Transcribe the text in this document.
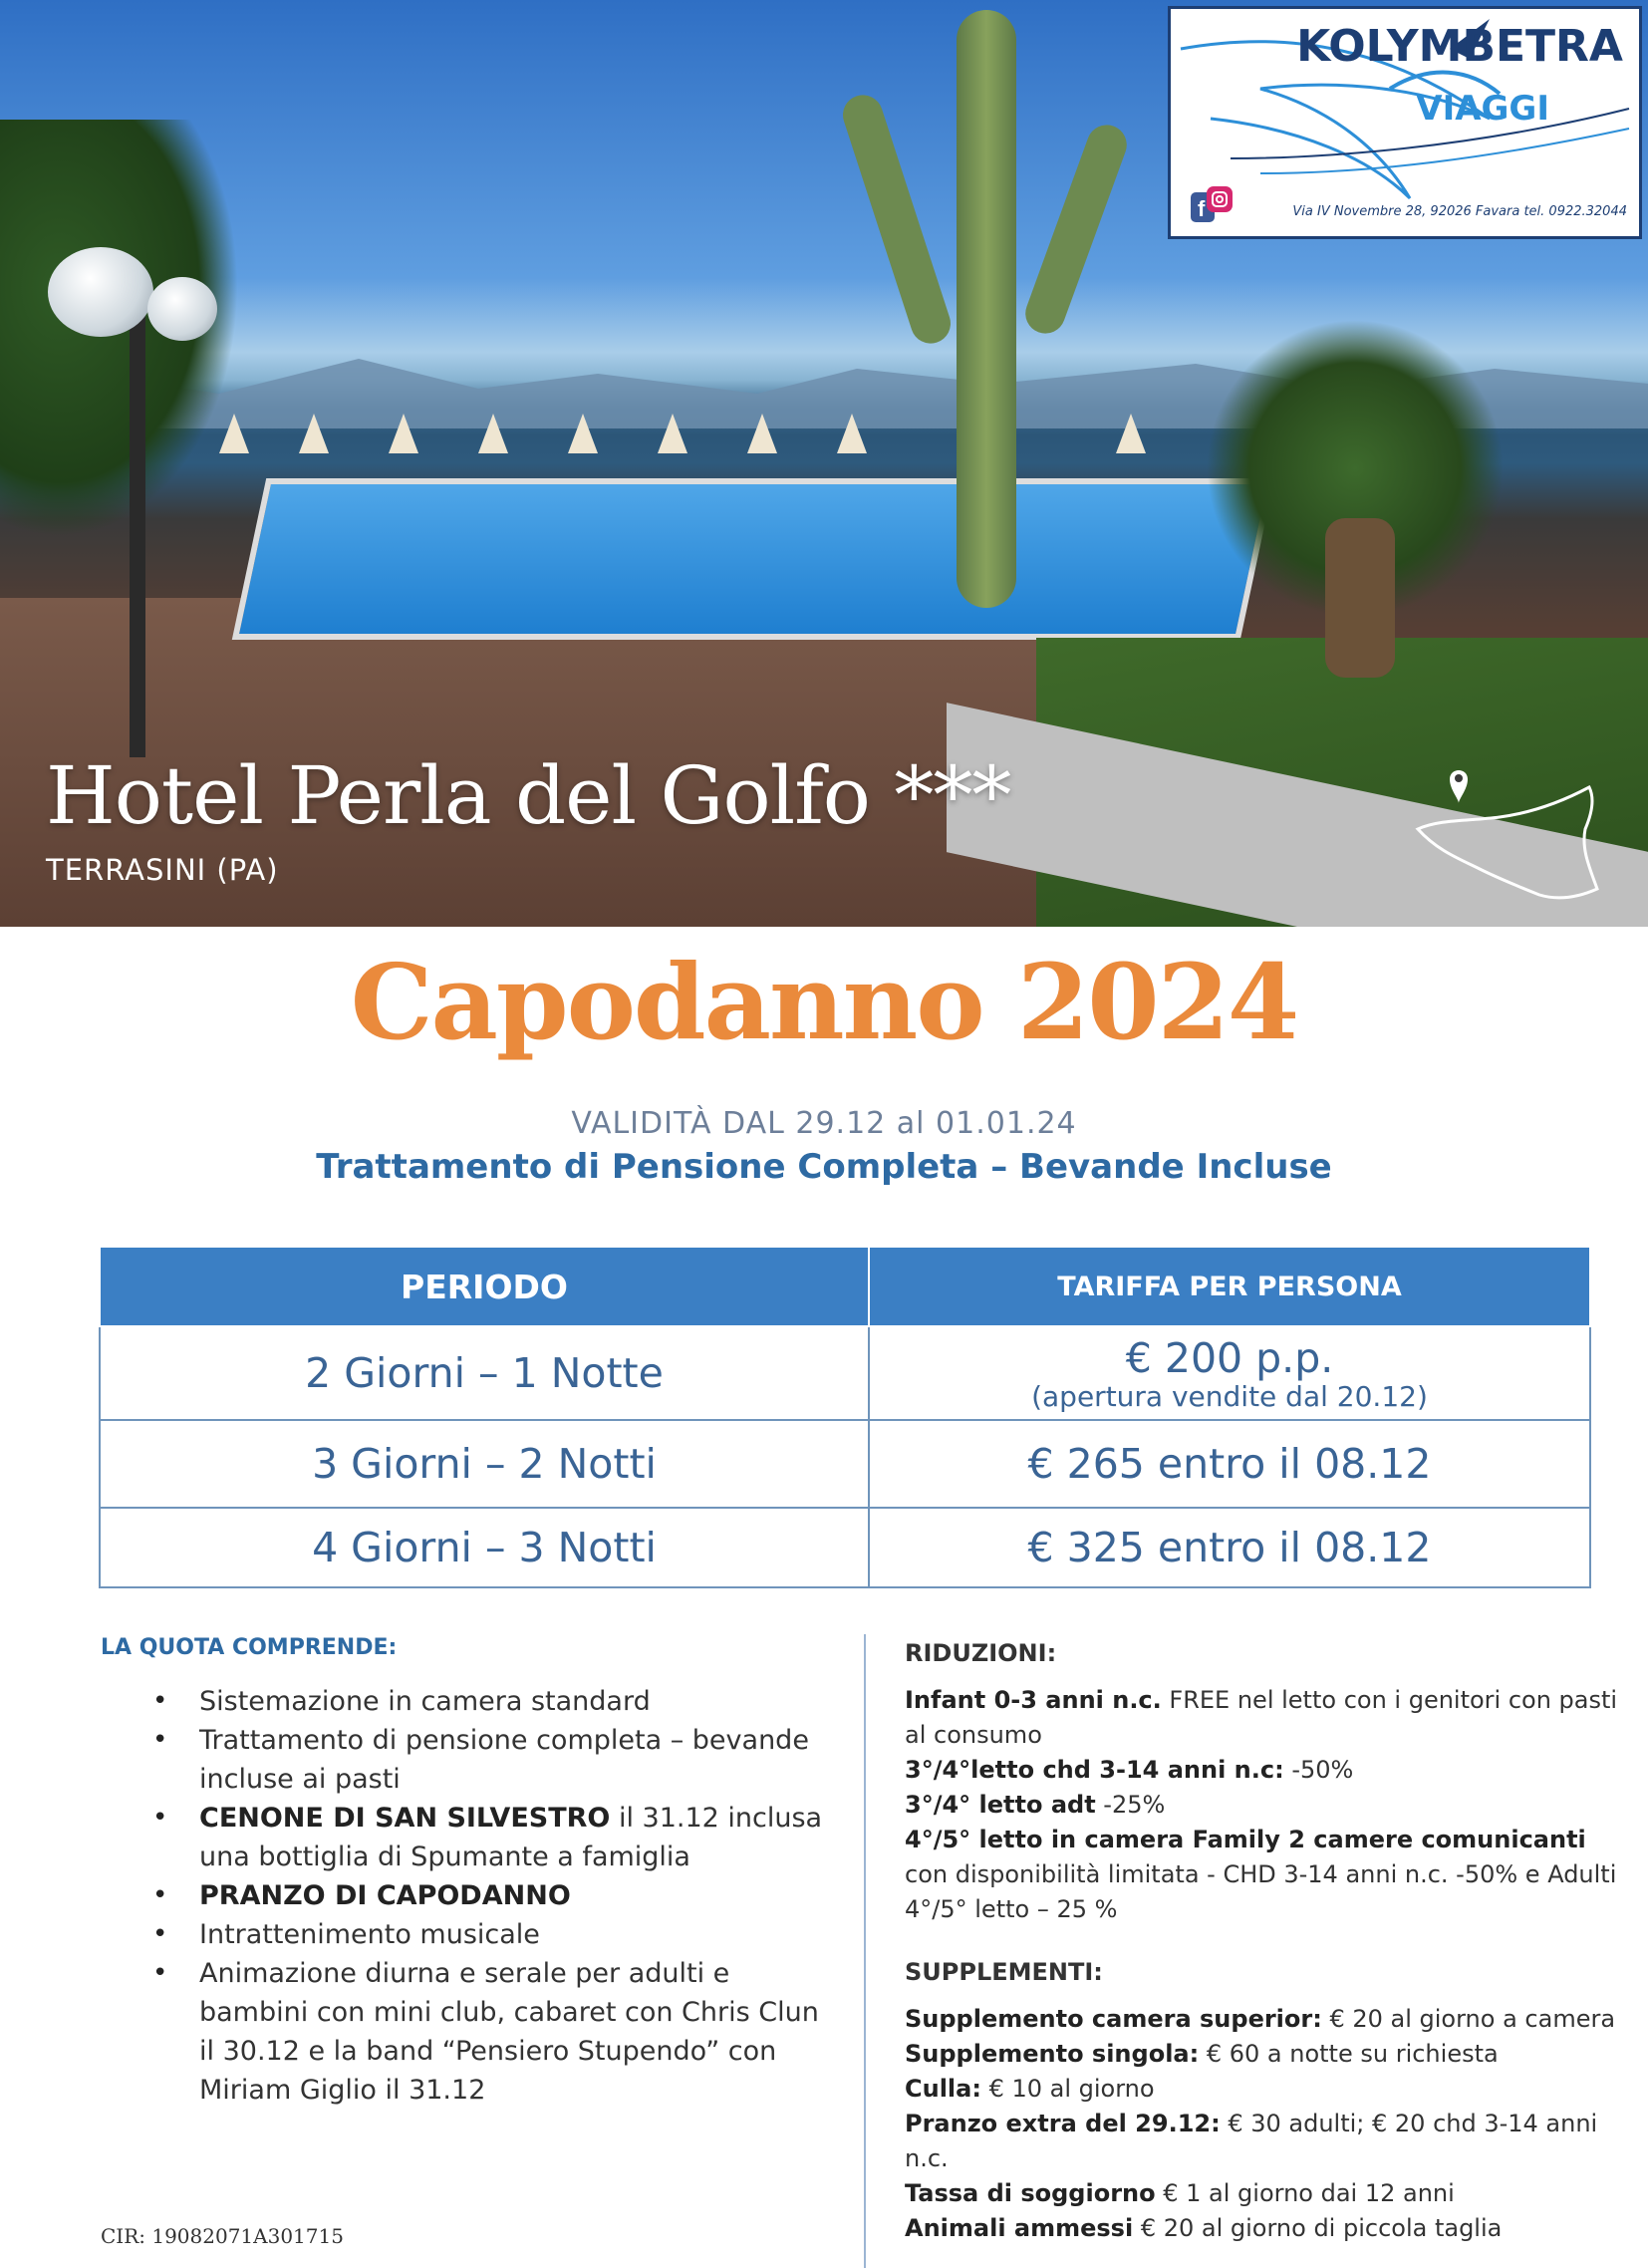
Hotel Perla del Golfo ***
TERRASINI (PA)
KOLYMBETRA
VIAGGI
f	Via IV Novembre 28, 92026 Favara tel. 0922.32044
Capodanno 2024
VALIDITÀ DAL 29.12 al 01.01.24
Trattamento di Pensione Completa – Bevande Incluse
PERIODO	TARIFFA PER PERSONA
2 Giorni – 1 Notte	€ 200 p.p.
(apertura vendite dal 20.12)

3 Giorni – 2 Notti	€ 265 entro il 08.12
4 Giorni – 3 Notti	€ 325 entro il 08.12

LA QUOTA COMPRENDE:

• Sistemazione in camera standard
• Trattamento di pensione completa – bevande incluse ai pasti
• CENONE DI SAN SILVESTRO il 31.12 inclusa una bottiglia di Spumante a famiglia
• PRANZO DI CAPODANNO
• Intrattenimento musicale
• Animazione diurna e serale per adulti e bambini con mini club, cabaret con Chris Clun il 30.12 e la band “Pensiero Stupendo” con Miriam Giglio il 31.12

RIDUZIONI:

Infant 0-3 anni n.c. FREE nel letto con i genitori con pasti al consumo

3°/4°letto chd 3-14 anni n.c: -50%

3°/4° letto adt -25%

4°/5° letto in camera Family 2 camere comunicanti con disponibilità limitata - CHD 3-14 anni n.c. -50% e Adulti 4°/5° letto – 25 %

SUPPLEMENTI:

Supplemento camera superior: € 20 al giorno a camera

Supplemento singola: € 60 a notte su richiesta

Culla: € 10 al giorno

Pranzo extra del 29.12: € 30 adulti; € 20 chd 3-14 anni n.c.

Tassa di soggiorno € 1 al giorno dai 12 anni

Animali ammessi € 20 al giorno di piccola taglia

CIR: 19082071A301715
